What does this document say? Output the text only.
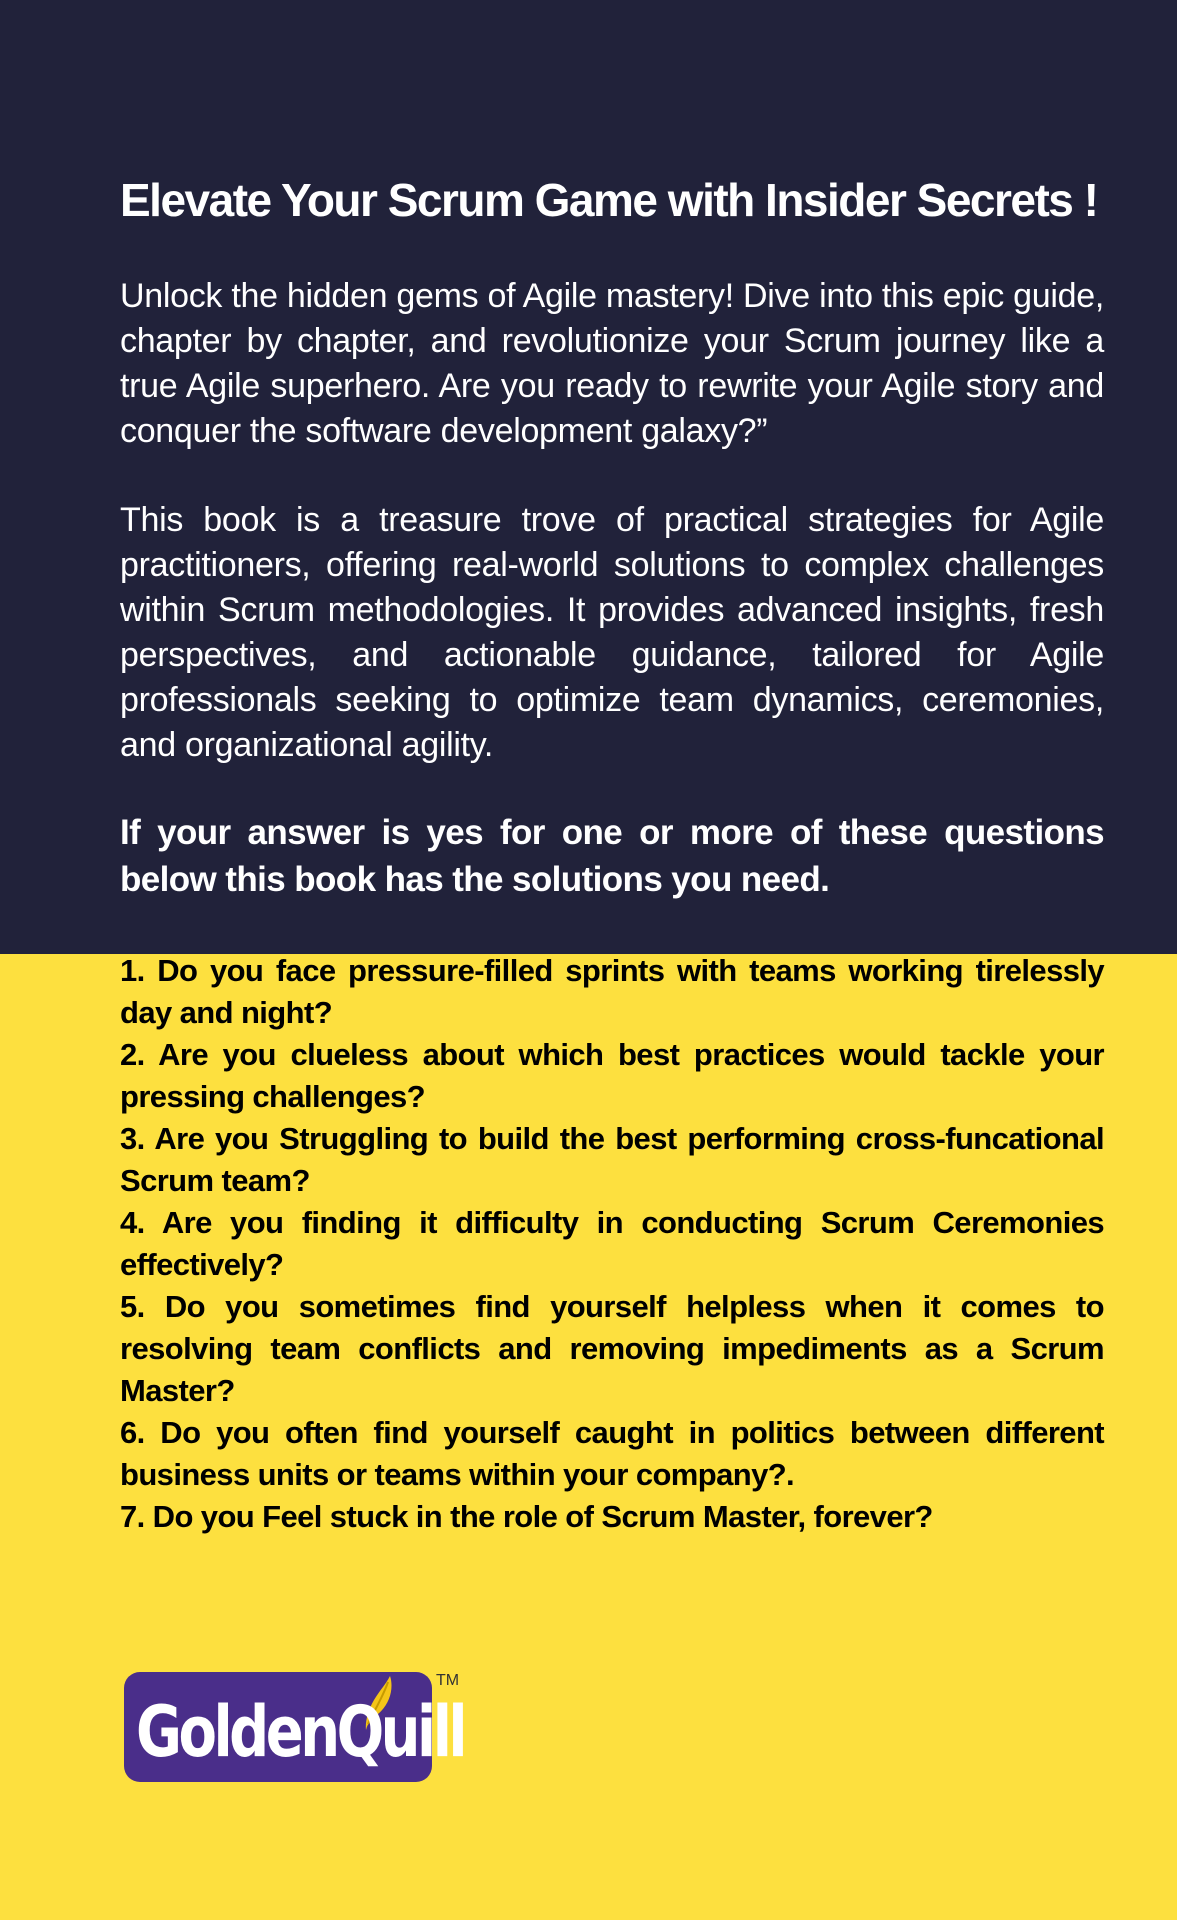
Elevate Your Scrum Game with Insider Secrets !

Unlock the hidden gems of Agile mastery! Dive into this epic guide, chapter by chapter, and revolutionize your Scrum journey like a true Agile superhero. Are you ready to rewrite your Agile story and conquer the software development galaxy?”

This book is a treasure trove of practical strategies for Agile practitioners, offering real-world solutions to complex challenges within Scrum methodologies. It provides advanced insights, fresh perspectives, and actionable guidance, tailored for Agile professionals seeking to optimize team dynamics, ceremonies, and organizational agility.

If your answer is yes for one or more of these questions below this book has the solutions you need.

1. Do you face pressure-filled sprints with teams working tirelessly day and night?
2. Are you clueless about which best practices would tackle your pressing challenges?
3. Are you Struggling to build the best performing cross-funcational Scrum team?
4. Are you finding it difficulty in conducting Scrum Ceremonies effectively?
5. Do you sometimes find yourself helpless when it comes to resolving team conflicts and removing impediments as a Scrum Master?
6. Do you often find yourself caught in politics between different business units or teams within your company?.
7. Do you Feel stuck in the role of Scrum Master, forever?
GoldenQuill
TM
